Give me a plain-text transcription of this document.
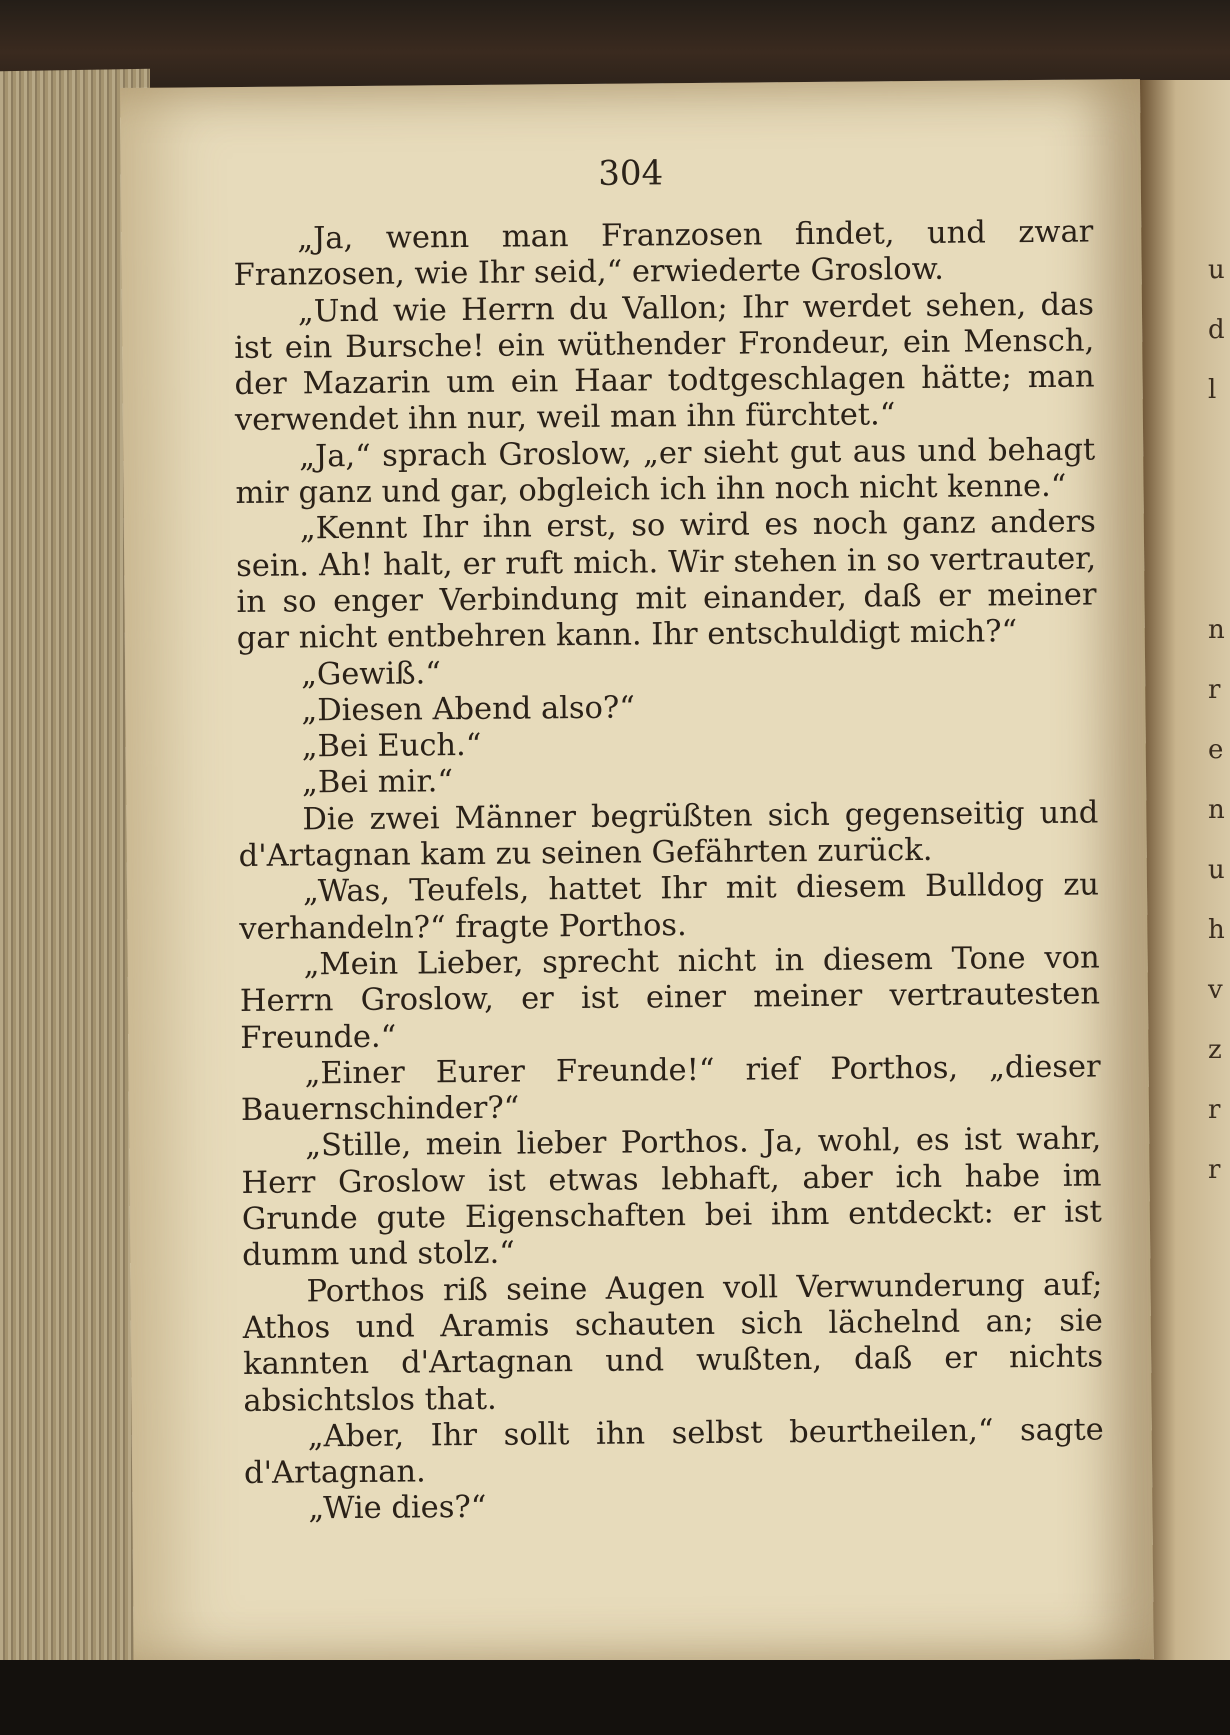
u
d
l
n
r
e
n
u
h
v
z
r
r
304

„Ja, wenn man Franzosen findet, und zwar Franzosen, wie Ihr seid,“ erwiederte Groslow.

„Und wie Herrn du Vallon; Ihr werdet sehen, das ist ein Bursche! ein wüthender Frondeur, ein Mensch, der Mazarin um ein Haar todtgeschlagen hätte; man verwendet ihn nur, weil man ihn fürchtet.“

„Ja,“ sprach Groslow, „er sieht gut aus und behagt mir ganz und gar, obgleich ich ihn noch nicht kenne.“

„Kennt Ihr ihn erst, so wird es noch ganz anders sein. Ah! halt, er ruft mich. Wir stehen in so vertrauter, in so enger Verbindung mit einander, daß er meiner gar nicht entbehren kann. Ihr entschuldigt mich?“

„Gewiß.“

„Diesen Abend also?“

„Bei Euch.“

„Bei mir.“

Die zwei Männer begrüßten sich gegenseitig und d'Artagnan kam zu seinen Gefährten zurück.

„Was, Teufels, hattet Ihr mit diesem Bulldog zu verhandeln?“ fragte Porthos.

„Mein Lieber, sprecht nicht in diesem Tone von Herrn Groslow, er ist einer meiner vertrautesten Freunde.“

„Einer Eurer Freunde!“ rief Porthos, „dieser Bauernschinder?“

„Stille, mein lieber Porthos. Ja, wohl, es ist wahr, Herr Groslow ist etwas lebhaft, aber ich habe im Grunde gute Eigenschaften bei ihm entdeckt: er ist dumm und stolz.“

Porthos riß seine Augen voll Verwunderung auf; Athos und Aramis schauten sich lächelnd an; sie kannten d'Artagnan und wußten, daß er nichts absichtslos that.

„Aber, Ihr sollt ihn selbst beurtheilen,“ sagte d'Artagnan.

„Wie dies?“
